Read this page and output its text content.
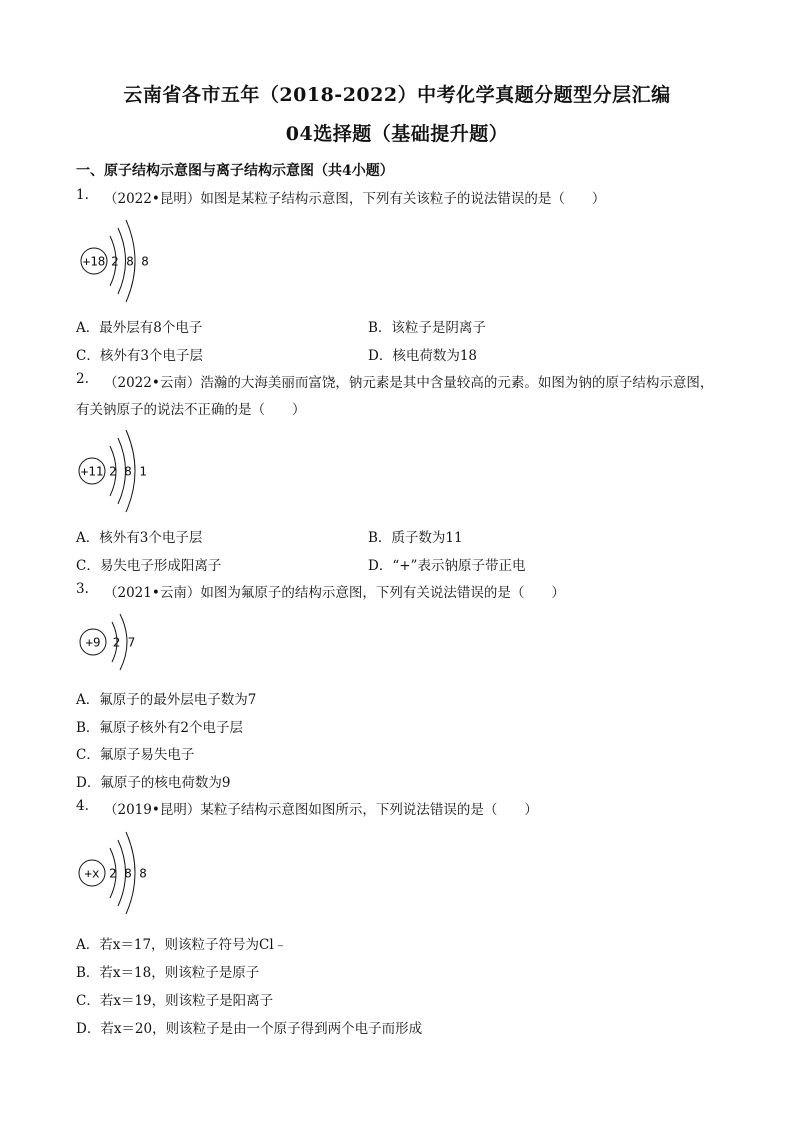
云南省各市五年（2018-2022）中考化学真题分题型分层汇编
04选择题（基础提升题）
一、原子结构示意图与离子结构示意图（共4小题）
1. （2022•昆明）如图是某粒子结构示意图，下列有关该粒子的说法错误的是（　　）
+18 2 8 8
A．最外层有8个电子	B．该粒子是阴离子
C．核外有3个电子层	D．核电荷数为18
2. （2022•云南）浩瀚的大海美丽而富饶，钠元素是其中含量较高的元素。如图为钠的原子结构示意图，
有关钠原子的说法不正确的是（　　）
+11 2 8 1
A．核外有3个电子层	B．质子数为11
C．易失电子形成阳离子	D．“+”表示钠原子带正电
3. （2021•云南）如图为氟原子的结构示意图，下列有关说法错误的是（　　）
+9 2 7
A．氟原子的最外层电子数为7
B．氟原子核外有2个电子层
C．氟原子易失电子
D．氟原子的核电荷数为9
4. （2019•昆明）某粒子结构示意图如图所示，下列说法错误的是（　　）
+x 2 8 8
A．若x＝17，则该粒子符号为Cl﹣
B．若x＝18，则该粒子是原子
C．若x＝19，则该粒子是阳离子
D．若x＝20，则该粒子是由一个原子得到两个电子而形成
